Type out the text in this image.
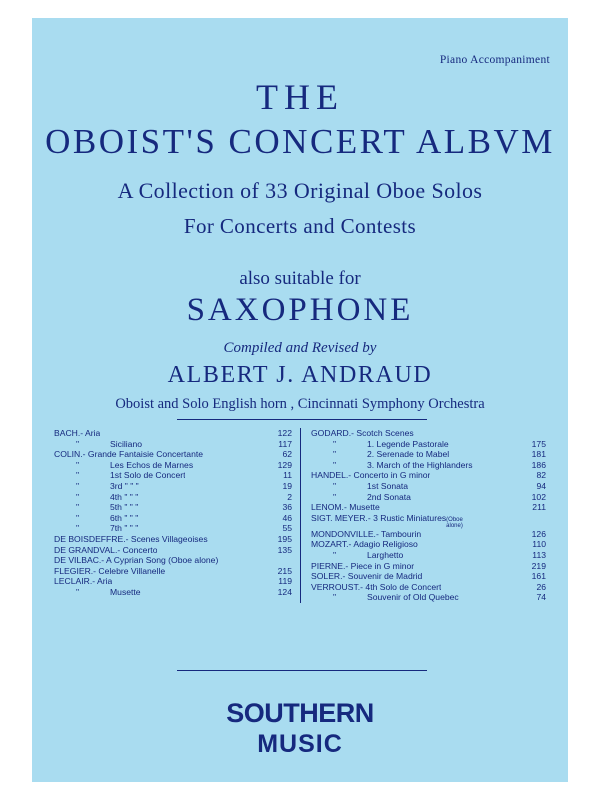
Piano Accompaniment
THE
OBOIST'S CONCERT ALBVM
A Collection of 33 Original Oboe Solos
For Concerts and Contests
also suitable for
SAXOPHONE
Compiled and Revised by
ALBERT J. ANDRAUD
Oboist and Solo English horn , Cincinnati Symphony Orchestra
BACH.- Aria	122
"	Siciliano	117
COLIN.- Grande Fantaisie Concertante	62
"	Les Echos de Marnes	129
"	1st Solo de Concert	11
"	3rd " " "	19
"	4th " " "	2
"	5th " " "	36
"	6th " " "	46
"	7th " " "	55
DE BOISDEFFRE.- Scenes Villageoises	195
DE GRANDVAL.- Concerto	135
DE VILBAC.- A Cyprian Song (Oboe alone)
FLEGIER.- Celebre Villanelle	215
LECLAIR.- Aria	119
"	Musette	124
GODARD.- Scotch Scenes
"	1. Legende Pastorale	175
"	2. Serenade to Mabel	181
"	3. March of the Highlanders	186
HANDEL.- Concerto in G minor	82
"	1st Sonata	94
"	2nd Sonata	102
LENOM.- Musette	211
SIGT. MEYER.- 3 Rustic Miniatures (Oboe
alone)
MONDONVILLE.- Tambourin	126
MOZART.- Adagio Religioso	110
"	Larghetto	113
PIERNE.- Piece in G minor	219
SOLER.- Souvenir de Madrid	161
VERROUST.- 4th Solo de Concert	26
"	Souvenir of Old Quebec	74
SOUTHERN
MUSIC
